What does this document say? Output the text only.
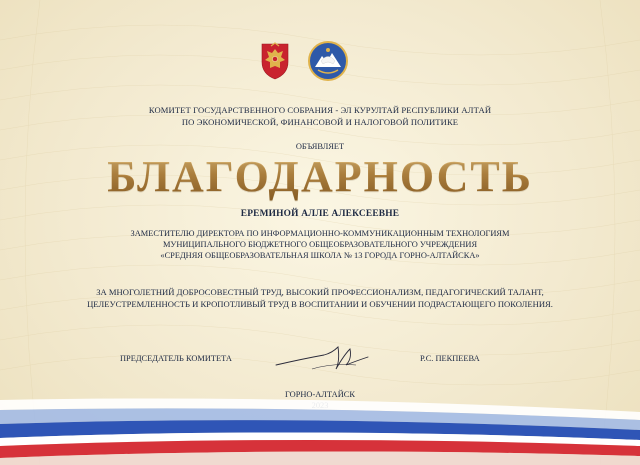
КОМИТЕТ ГОСУДАРСТВЕННОГО СОБРАНИЯ - ЭЛ КУРУЛТАЙ РЕСПУБЛИКИ АЛТАЙ
ПО ЭКОНОМИЧЕСКОЙ, ФИНАНСОВОЙ И НАЛОГОВОЙ ПОЛИТИКЕ
ОБЪЯВЛЯЕТ
БЛАГОДАРНОСТЬ
ЕРЕМИНОЙ АЛЛЕ АЛЕКСЕЕВНЕ
ЗАМЕСТИТЕЛЮ ДИРЕКТОРА ПО ИНФОРМАЦИОННО-КОММУНИКАЦИОННЫМ ТЕХНОЛОГИЯМ
МУНИЦИПАЛЬНОГО БЮДЖЕТНОГО ОБЩЕОБРАЗОВАТЕЛЬНОГО УЧРЕЖДЕНИЯ
«СРЕДНЯЯ ОБЩЕОБРАЗОВАТЕЛЬНАЯ ШКОЛА № 13 ГОРОДА ГОРНО-АЛТАЙСКА»
ЗА МНОГОЛЕТНИЙ ДОБРОСОВЕСТНЫЙ ТРУД, ВЫСОКИЙ ПРОФЕССИОНАЛИЗМ, ПЕДАГОГИЧЕСКИЙ ТАЛАНТ,
ЦЕЛЕУСТРЕМЛЕННОСТЬ И КРОПОТЛИВЫЙ ТРУД В ВОСПИТАНИИ И ОБУЧЕНИИ ПОДРАСТАЮЩЕГО ПОКОЛЕНИЯ.
ПРЕДСЕДАТЕЛЬ КОМИТЕТА	Р.С. ПЕКПЕЕВА
ГОРНО-АЛТАЙСК
